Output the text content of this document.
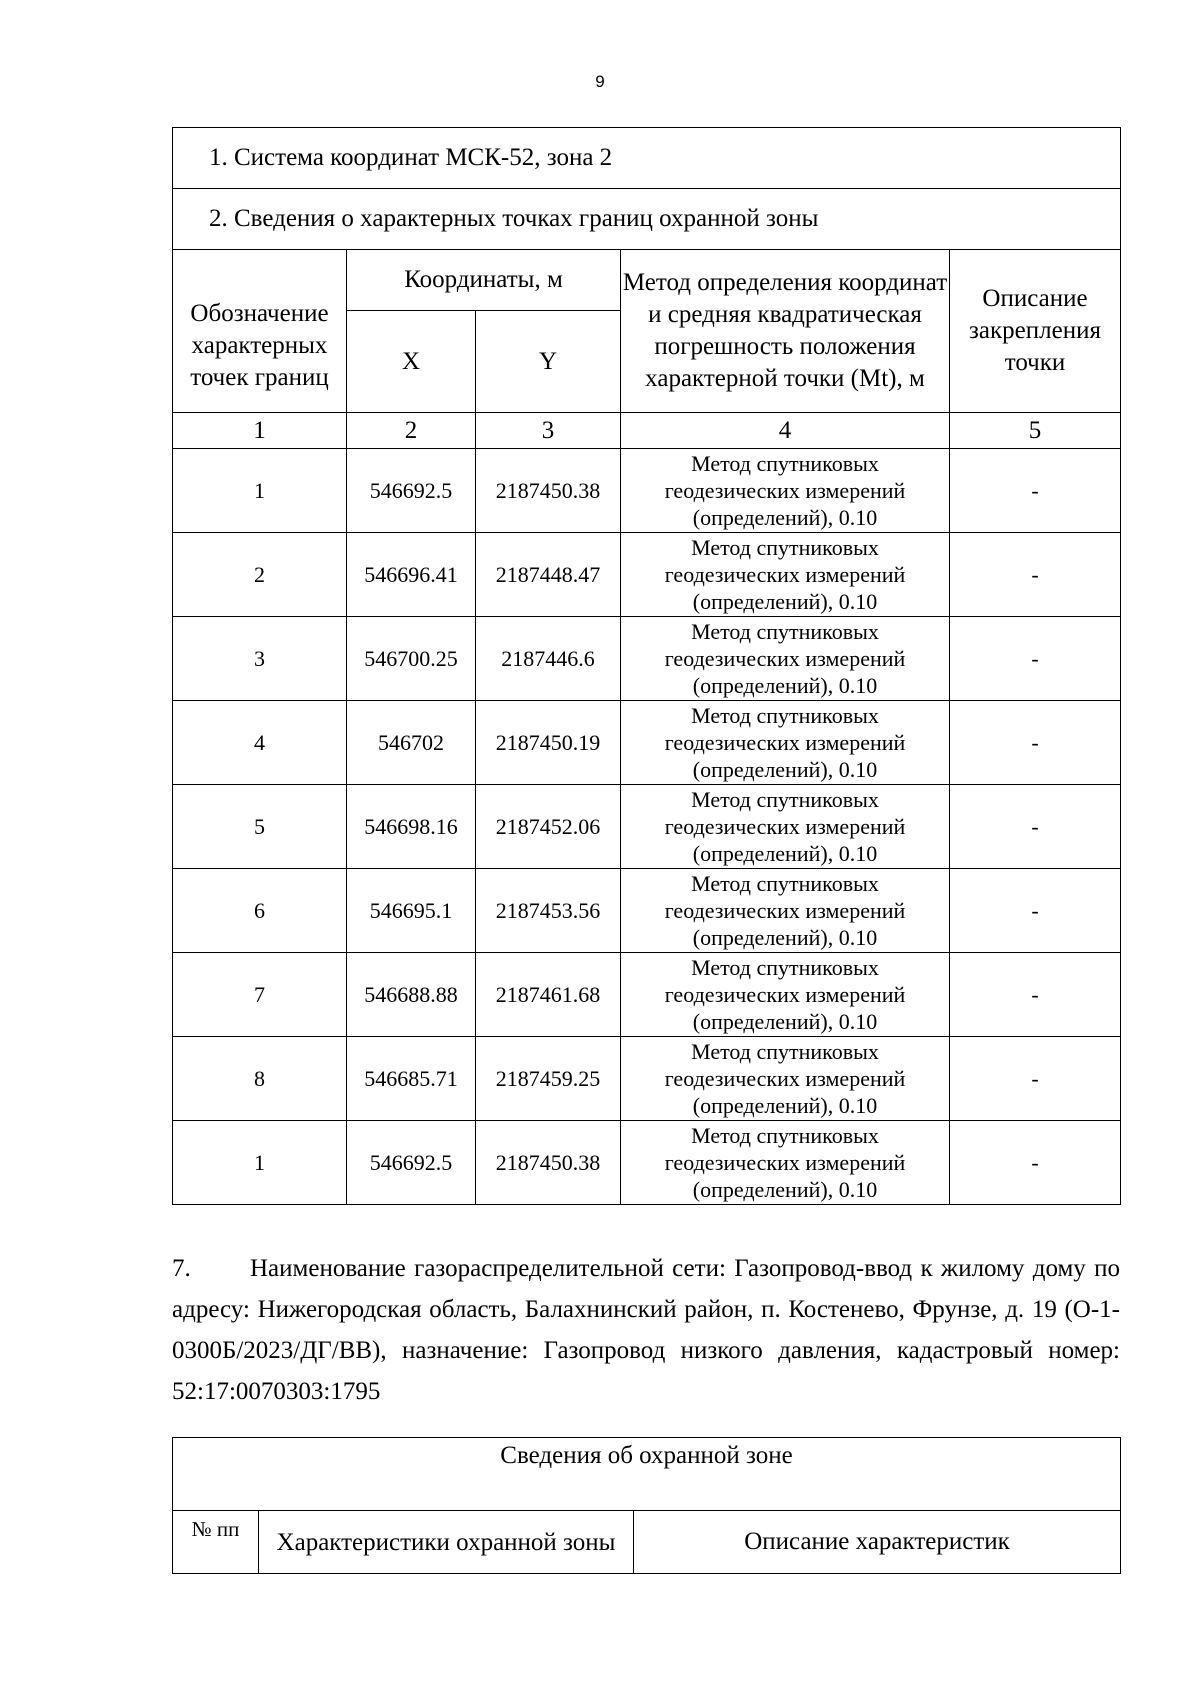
9
1. Система координат МСК-52, зона 2				
2. Сведения о характерных точках границ охранной зоны				
Обозначение характерных точек границ	Координаты, м		Метод определения координат и средняя квадратическая погрешность положения характерной точки (Mt), м	Описание закрепления точки
	X	Y		
1	2	3	4	5
1	546692.5	2187450.38	Метод спутниковых геодезических измерений (определений), 0.10	-
2	546696.41	2187448.47	Метод спутниковых геодезических измерений (определений), 0.10	-
3	546700.25	2187446.6	Метод спутниковых геодезических измерений (определений), 0.10	-
4	546702	2187450.19	Метод спутниковых геодезических измерений (определений), 0.10	-
5	546698.16	2187452.06	Метод спутниковых геодезических измерений (определений), 0.10	-
6	546695.1	2187453.56	Метод спутниковых геодезических измерений (определений), 0.10	-
7	546688.88	2187461.68	Метод спутниковых геодезических измерений (определений), 0.10	-
8	546685.71	2187459.25	Метод спутниковых геодезических измерений (определений), 0.10	-
1	546692.5	2187450.38	Метод спутниковых геодезических измерений (определений), 0.10	-
7. Наименование газораспределительной сети: Газопровод-ввод к жилому дому по адресу: Нижегородская область, Балахнинский район, п. Костенево, Фрунзе, д. 19 (О-1-0300Б/2023/ДГ/ВВ), назначение: Газопровод низкого давления, кадастровый номер: 52:17:0070303:1795
Сведения об охранной зоне
№ пп	Характеристики охранной зоны	Описание характеристик
